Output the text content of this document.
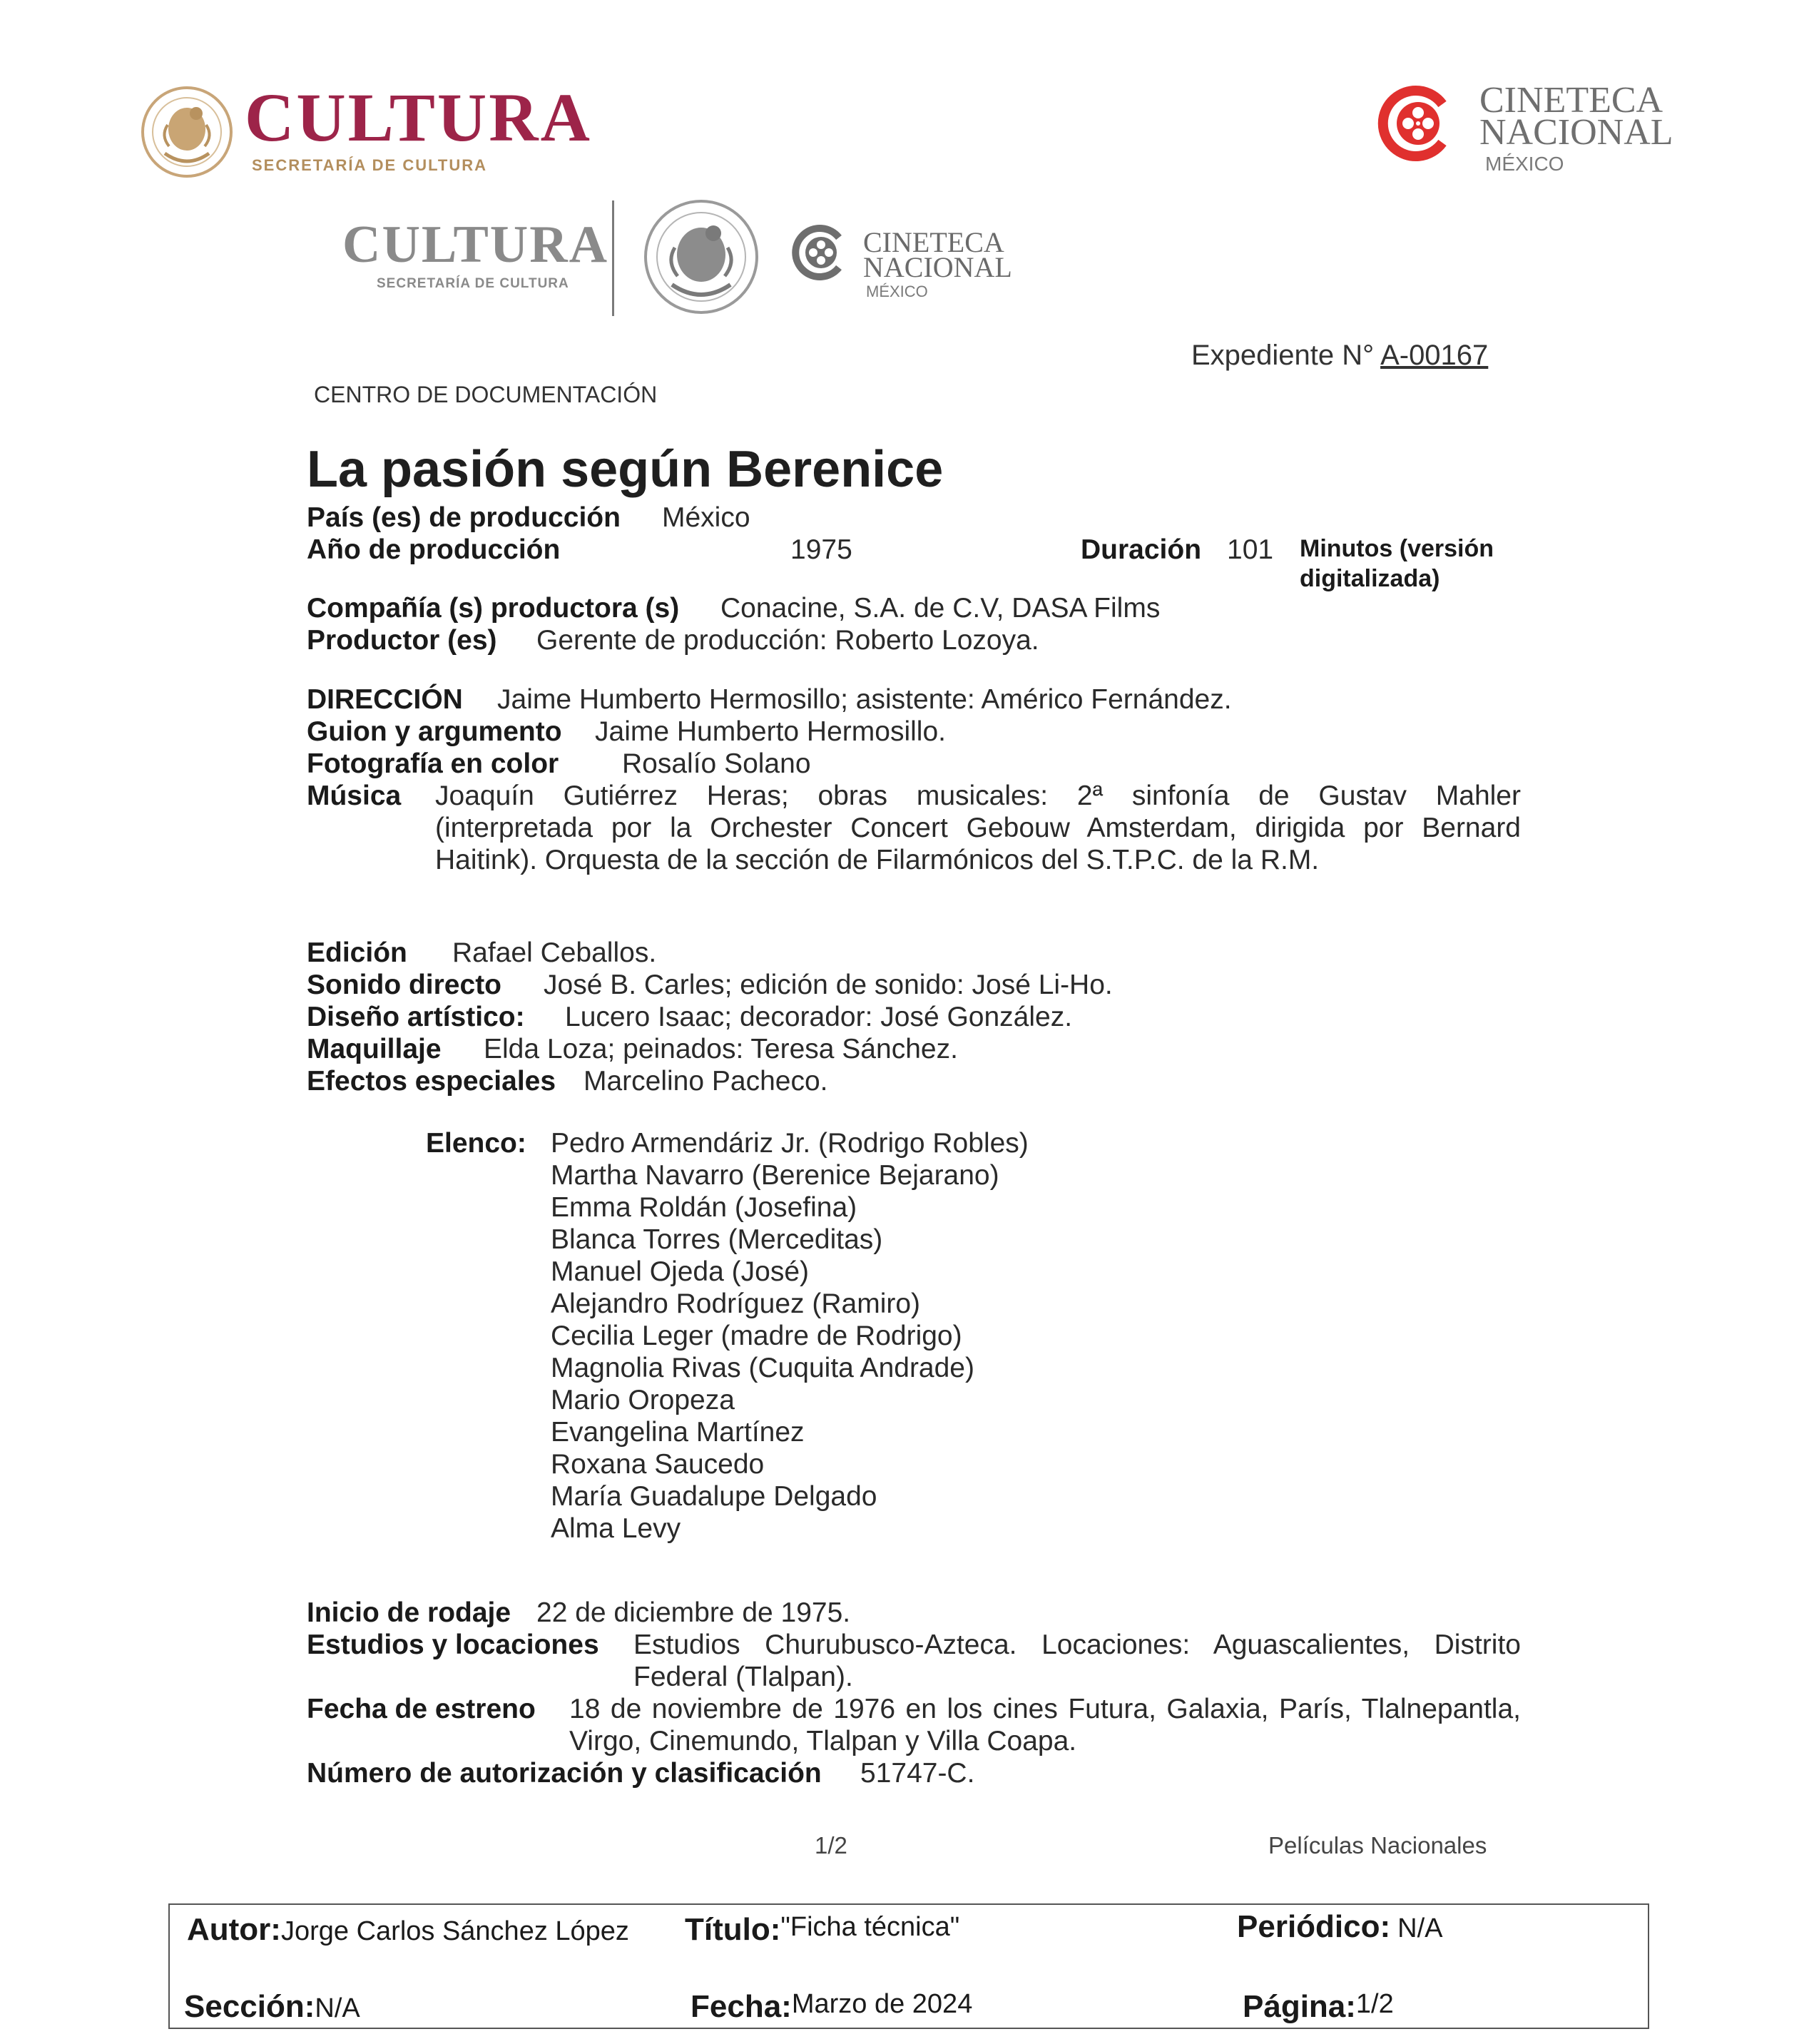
CULTURA
SECRETARÍA DE CULTURA
CINETECA
NACIONAL
MÉXICO
CULTURA
SECRETARÍA DE CULTURA
CINETECA
NACIONAL
MÉXICO
Expediente N° A-00167
CENTRO DE DOCUMENTACIÓN
La pasión según Berenice
País (es) de producción México
Año de producción	1975	Duración 101 Minutos (versión
digitalizada)
Compañía (s) productora (s) Conacine, S.A. de C.V, DASA Films
Productor (es) Gerente de producción: Roberto Lozoya.
DIRECCIÓN Jaime Humberto Hermosillo; asistente: Américo Fernández.
Guion y argumento Jaime Humberto Hermosillo.
Fotografía en color Rosalío Solano
Música Joaquín Gutiérrez Heras; obras musicales: 2ª sinfonía de Gustav Mahler
(interpretada por la Orchester Concert Gebouw Amsterdam, dirigida por Bernard
Haitink). Orquesta de la sección de Filarmónicos del S.T.P.C. de la R.M.
Edición Rafael Ceballos.
Sonido directo José B. Carles; edición de sonido: José Li-Ho.
Diseño artístico: Lucero Isaac; decorador: José González.
Maquillaje Elda Loza; peinados: Teresa Sánchez.
Efectos especiales Marcelino Pacheco.
Elenco: Pedro Armendáriz Jr. (Rodrigo Robles)
Martha Navarro (Berenice Bejarano)
Emma Roldán (Josefina)
Blanca Torres (Merceditas)
Manuel Ojeda (José)
Alejandro Rodríguez (Ramiro)
Cecilia Leger (madre de Rodrigo)
Magnolia Rivas (Cuquita Andrade)
Mario Oropeza
Evangelina Martínez
Roxana Saucedo
María Guadalupe Delgado
Alma Levy
Inicio de rodaje 22 de diciembre de 1975.
Estudios y locaciones Estudios Churubusco-Azteca. Locaciones: Aguascalientes, Distrito
Federal (Tlalpan).
Fecha de estreno 18 de noviembre de 1976 en los cines Futura, Galaxia, París, Tlalnepantla,
Virgo, Cinemundo, Tlalpan y Villa Coapa.
Número de autorización y clasificación 51747-C.
1/2	Películas Nacionales
Autor:Jorge Carlos Sánchez López Título:"Ficha técnica"	Periódico: N/A
Sección:N/A	Fecha:Marzo de 2024	Página:1/2
